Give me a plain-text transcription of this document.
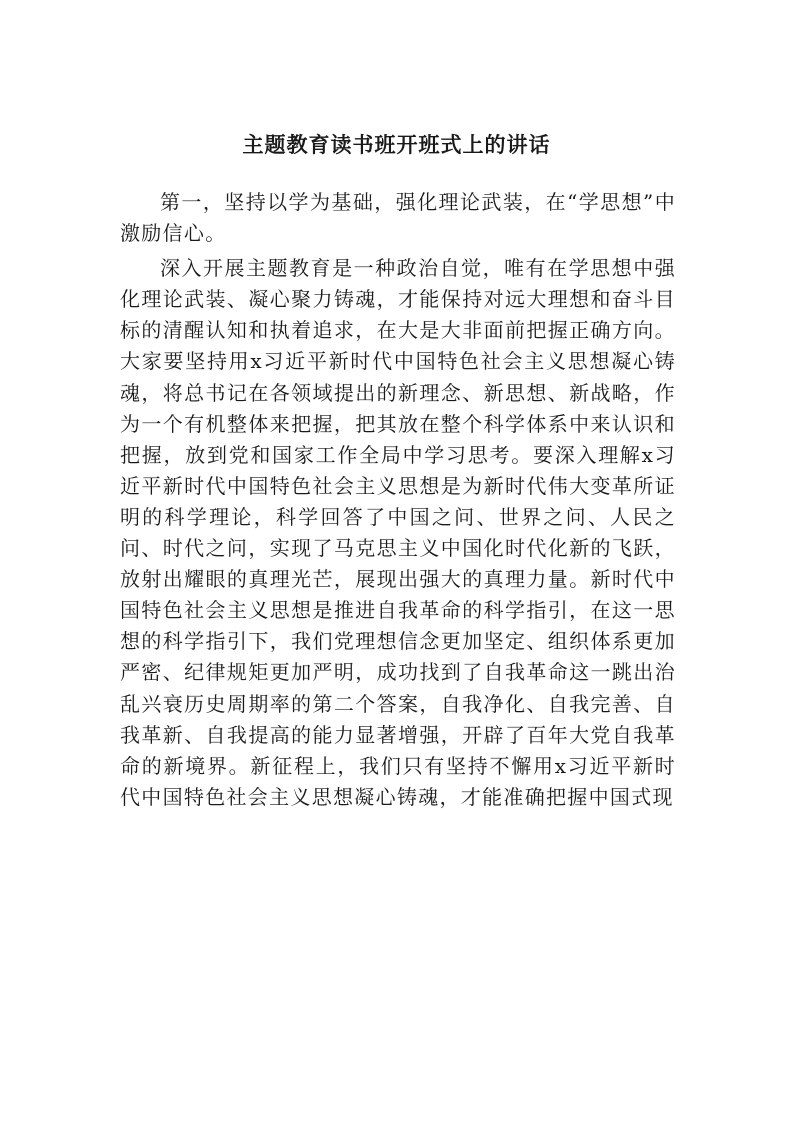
主题教育读书班开班式上的讲话

第一，坚持以学为基础，强化理论武装，在“学思想”中激励信心。

深入开展主题教育是一种政治自觉，唯有在学思想中强化理论武装、凝心聚力铸魂，才能保持对远大理想和奋斗目标的清醒认知和执着追求，在大是大非面前把握正确方向。大家要坚持用x习近平新时代中国特色社会主义思想凝心铸魂，将总书记在各领域提出的新理念、新思想、新战略，作为一个有机整体来把握，把其放在整个科学体系中来认识和把握，放到党和国家工作全局中学习思考。要深入理解x习近平新时代中国特色社会主义思想是为新时代伟大变革所证明的科学理论，科学回答了中国之问、世界之问、人民之问、时代之问，实现了马克思主义中国化时代化新的飞跃，放射出耀眼的真理光芒，展现出强大的真理力量。新时代中国特色社会主义思想是推进自我革命的科学指引，在这一思想的科学指引下，我们党理想信念更加坚定、组织体系更加严密、纪律规矩更加严明，成功找到了自我革命这一跳出治乱兴衰历史周期率的第二个答案，自我净化、自我完善、自我革新、自我提高的能力显著增强，开辟了百年大党自我革命的新境界。新征程上，我们只有坚持不懈用x习近平新时代中国特色社会主义思想凝心铸魂，才能准确把握中国式现
